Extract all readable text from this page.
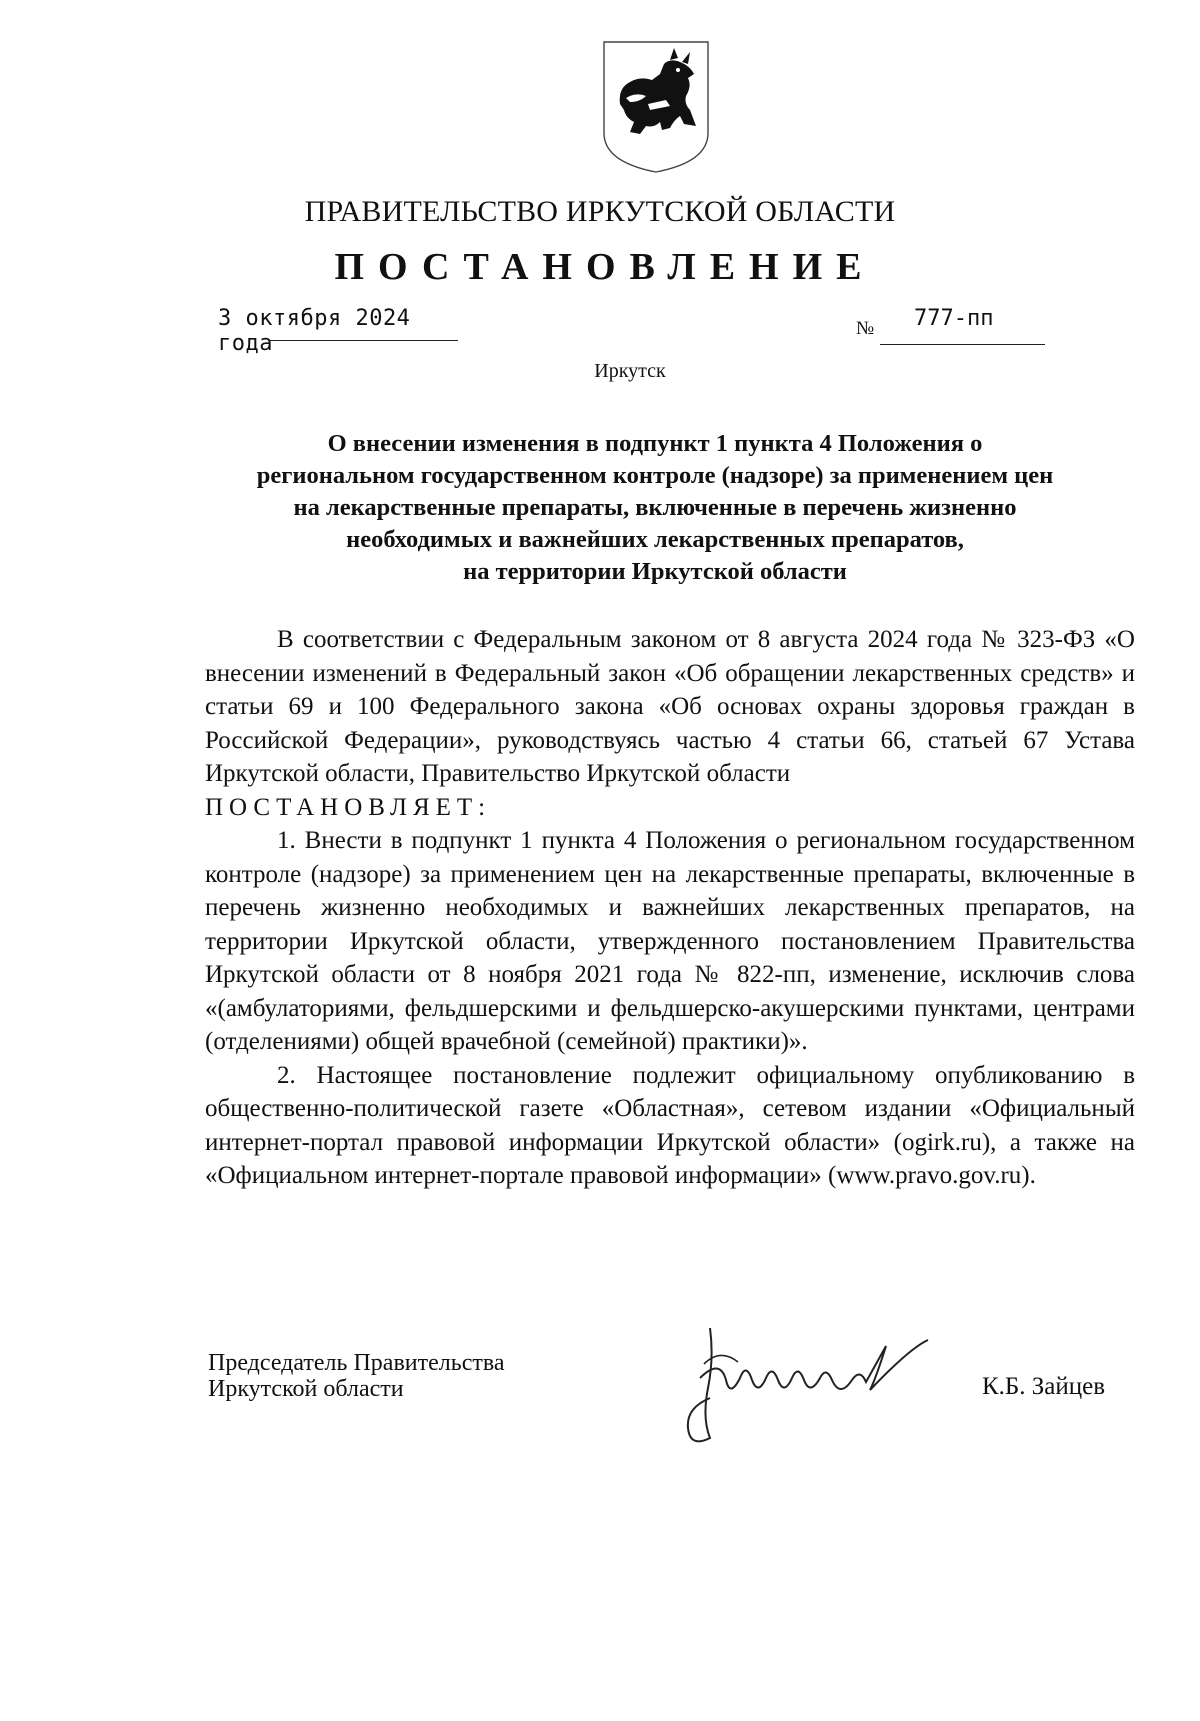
ПРАВИТЕЛЬСТВО ИРКУТСКОЙ ОБЛАСТИ
ПОСТАНОВЛЕНИЕ
3 октября 2024 года
№ 777-пп
Иркутск
О внесении изменения в подпункт 1 пункта 4 Положения о
региональном государственном контроле (надзоре) за применением цен
на лекарственные препараты, включенные в перечень жизненно
необходимых и важнейших лекарственных препаратов,
на территории Иркутской области

В соответствии с Федеральным законом от 8 августа 2024 года № 323-ФЗ «О внесении изменений в Федеральный закон «Об обращении лекарственных средств» и статьи 69 и 100 Федерального закона «Об основах охраны здоровья граждан в Российской Федерации», руководствуясь частью 4 статьи 66, статьей 67 Устава Иркутской области, Правительство Иркутской области

ПОСТАНОВЛЯЕТ:

1. Внести в подпункт 1 пункта 4 Положения о региональном государственном контроле (надзоре) за применением цен на лекарственные препараты, включенные в перечень жизненно необходимых и важнейших лекарственных препаратов, на территории Иркутской области, утвержденного постановлением Правительства Иркутской области от 8 ноября 2021 года № 822-пп, изменение, исключив слова «(амбулаториями, фельдшерскими и фельдшерско-акушерскими пунктами, центрами (отделениями) общей врачебной (семейной) практики)».

2. Настоящее постановление подлежит официальному опубликованию в общественно-политической газете «Областная», сетевом издании «Официальный интернет-портал правовой информации Иркутской области» (ogirk.ru), а также на «Официальном интернет-портале правовой информации» (www.pravo.gov.ru).

Председатель Правительства
Иркутской области	К.Б. Зайцев
